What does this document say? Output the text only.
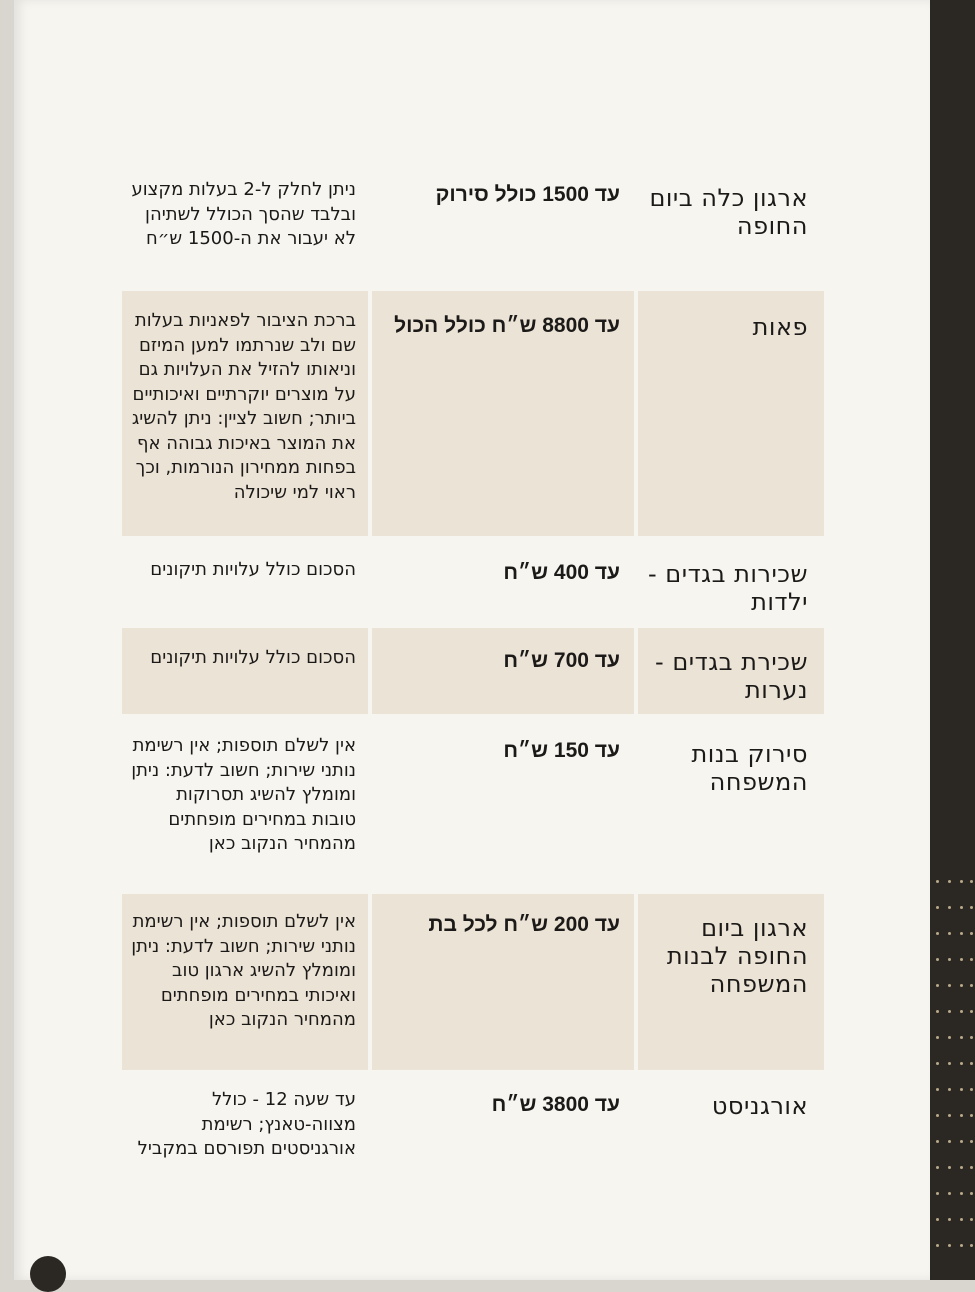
ארגון כלה ביום החופה
עד 1500 כולל סירוק
ניתן לחלק ל-2 בעלות מקצוע ובלבד שהסך הכולל לשתיהן לא יעבור את ה-1500 ש״ח
פאות
עד 8800 ש״ח כולל הכול
ברכת הציבור לפאניות בעלות שם ולב שנרתמו למען המיזם וניאותו להזיל את העלויות גם על מוצרים יוקרתיים ואיכותיים ביותר; חשוב לציין: ניתן להשיג את המוצר באיכות גבוהה אף בפחות ממחירון הנורמות, וכך ראוי למי שיכולה
שכירות בגדים - ילדות
עד 400 ש״ח
הסכום כולל עלויות תיקונים
שכירת בגדים - נערות
עד 700 ש״ח
הסכום כולל עלויות תיקונים
סירוק בנות המשפחה
עד 150 ש״ח
אין לשלם תוספות; אין רשימת נותני שירות; חשוב לדעת: ניתן ומומלץ להשיג תסרוקות טובות במחירים מופחתים מהמחיר הנקוב כאן
ארגון ביום החופה לבנות המשפחה
עד 200 ש״ח לכל בת
אין לשלם תוספות; אין רשימת נותני שירות; חשוב לדעת: ניתן ומומלץ להשיג ארגון טוב ואיכותי במחירים מופחתים מהמחיר הנקוב כאן
אורגניסט
עד 3800 ש״ח
עד שעה 12 - כולל מצווה-טאנץ; רשימת אורגניסטים תפורסם במקביל
